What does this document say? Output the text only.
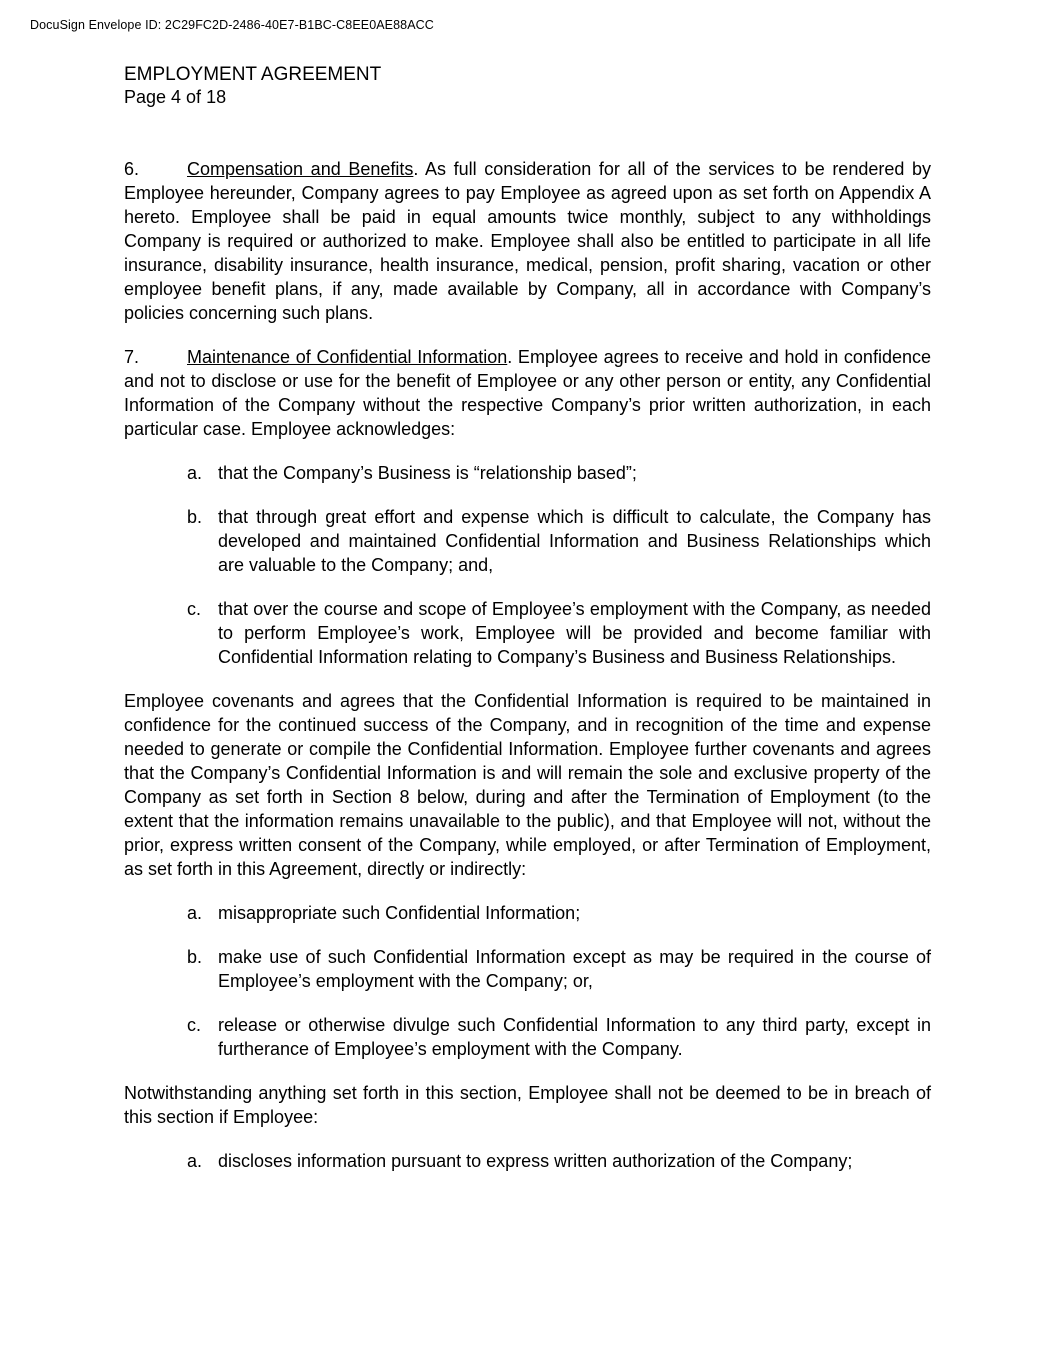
DocuSign Envelope ID: 2C29FC2D-2486-40E7-B1BC-C8EE0AE88ACC
EMPLOYMENT AGREEMENT
Page 4 of 18

6.	Compensation and Benefits. As full consideration for all of the services to be rendered by Employee hereunder, Company agrees to pay Employee as agreed upon as set forth on Appendix A hereto. Employee shall be paid in equal amounts twice monthly, subject to any withholdings Company is required or authorized to make. Employee shall also be entitled to participate in all life insurance, disability insurance, health insurance, medical, pension, profit sharing, vacation or other employee benefit plans, if any, made available by Company, all in accordance with Company’s policies concerning such plans.

7.	Maintenance of Confidential Information. Employee agrees to receive and hold in confidence and not to disclose or use for the benefit of Employee or any other person or entity, any Confidential Information of the Company without the respective Company’s prior written authorization, in each particular case. Employee acknowledges:

a. that the Company’s Business is “relationship based”;
b. that through great effort and expense which is difficult to calculate, the Company has developed and maintained Confidential Information and Business Relationships which are valuable to the Company; and,
c. that over the course and scope of Employee’s employment with the Company, as needed to perform Employee’s work, Employee will be provided and become familiar with Confidential Information relating to Company’s Business and Business Relationships.

Employee covenants and agrees that the Confidential Information is required to be maintained in confidence for the continued success of the Company, and in recognition of the time and expense needed to generate or compile the Confidential Information. Employee further covenants and agrees that the Company’s Confidential Information is and will remain the sole and exclusive property of the Company as set forth in Section 8 below, during and after the Termination of Employment (to the extent that the information remains unavailable to the public), and that Employee will not, without the prior, express written consent of the Company, while employed, or after Termination of Employment, as set forth in this Agreement, directly or indirectly:

a. misappropriate such Confidential Information;
b. make use of such Confidential Information except as may be required in the course of Employee’s employment with the Company; or,
c. release or otherwise divulge such Confidential Information to any third party, except in furtherance of Employee’s employment with the Company.

Notwithstanding anything set forth in this section, Employee shall not be deemed to be in breach of this section if Employee:

a. discloses information pursuant to express written authorization of the Company;
